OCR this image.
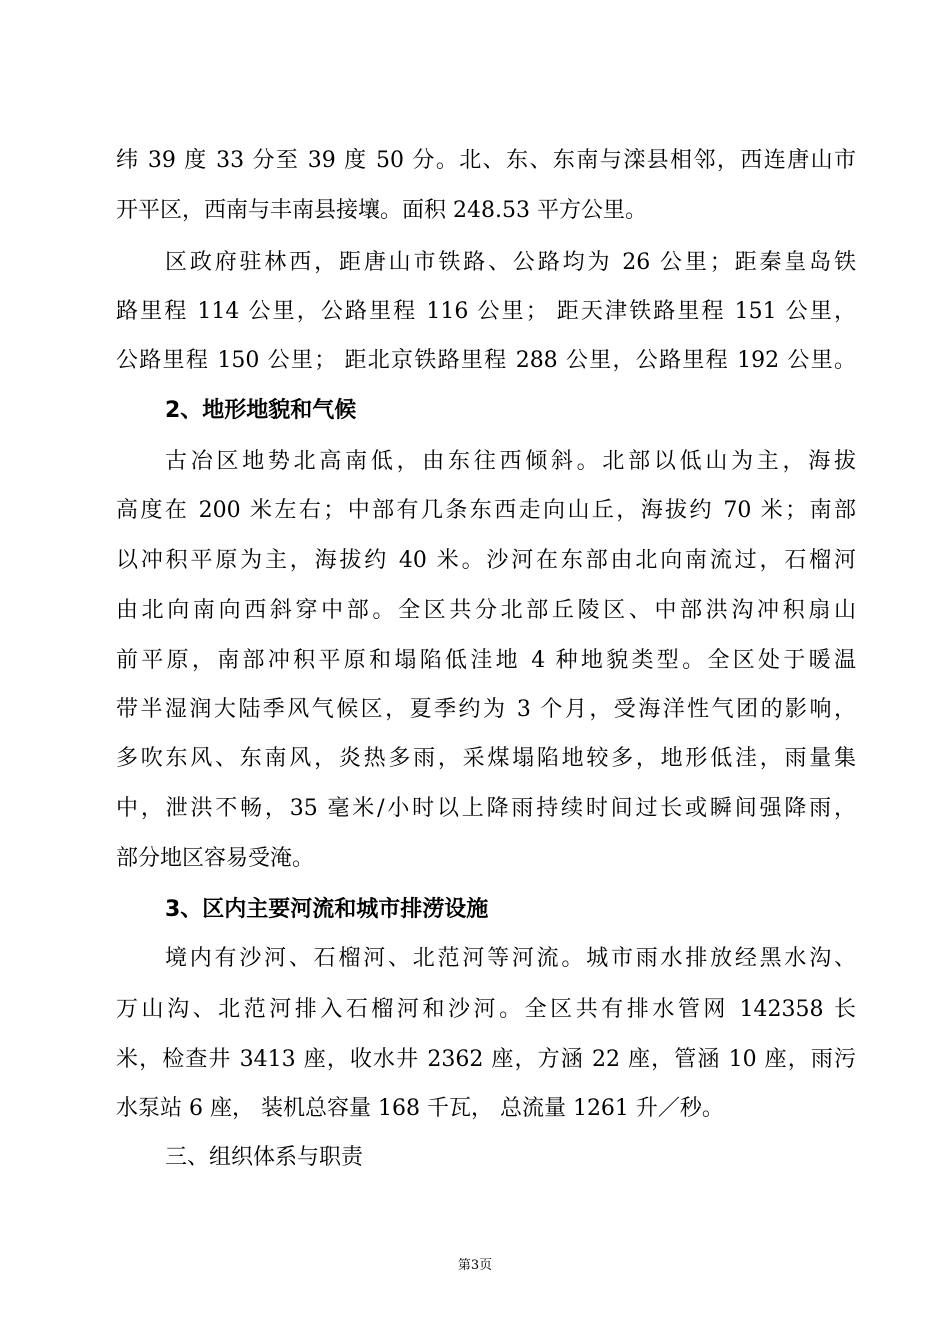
纬 39 度 33 分至 39 度 50 分。北、东、东南与滦县相邻，西连唐山市
开平区，西南与丰南县接壤。面积 248.53 平方公里。
区政府驻林西，距唐山市铁路、公路均为 26 公里；距秦皇岛铁
路里程 114 公里，公路里程 116 公里； 距天津铁路里程 151 公里，
公路里程 150 公里； 距北京铁路里程 288 公里，公路里程 192 公里。
2、地形地貌和气候
古冶区地势北高南低，由东往西倾斜。北部以低山为主，海拔
高度在 200 米左右；中部有几条东西走向山丘，海拔约 70 米；南部
以冲积平原为主，海拔约 40 米。沙河在东部由北向南流过，石榴河
由北向南向西斜穿中部。全区共分北部丘陵区、中部洪沟冲积扇山
前平原，南部冲积平原和塌陷低洼地 4 种地貌类型。全区处于暖温
带半湿润大陆季风气候区，夏季约为 3 个月，受海洋性气团的影响，
多吹东风、东南风，炎热多雨，采煤塌陷地较多，地形低洼，雨量集
中，泄洪不畅，35 毫米/小时以上降雨持续时间过长或瞬间强降雨，
部分地区容易受淹。
3、区内主要河流和城市排涝设施
境内有沙河、石榴河、北范河等河流。城市雨水排放经黑水沟、
万山沟、北范河排入石榴河和沙河。全区共有排水管网 142358 长
米，检查井 3413 座，收水井 2362 座，方涵 22 座，管涵 10 座，雨污
水泵站 6 座， 装机总容量 168 千瓦， 总流量 1261 升／秒。
三、组织体系与职责
第3页
